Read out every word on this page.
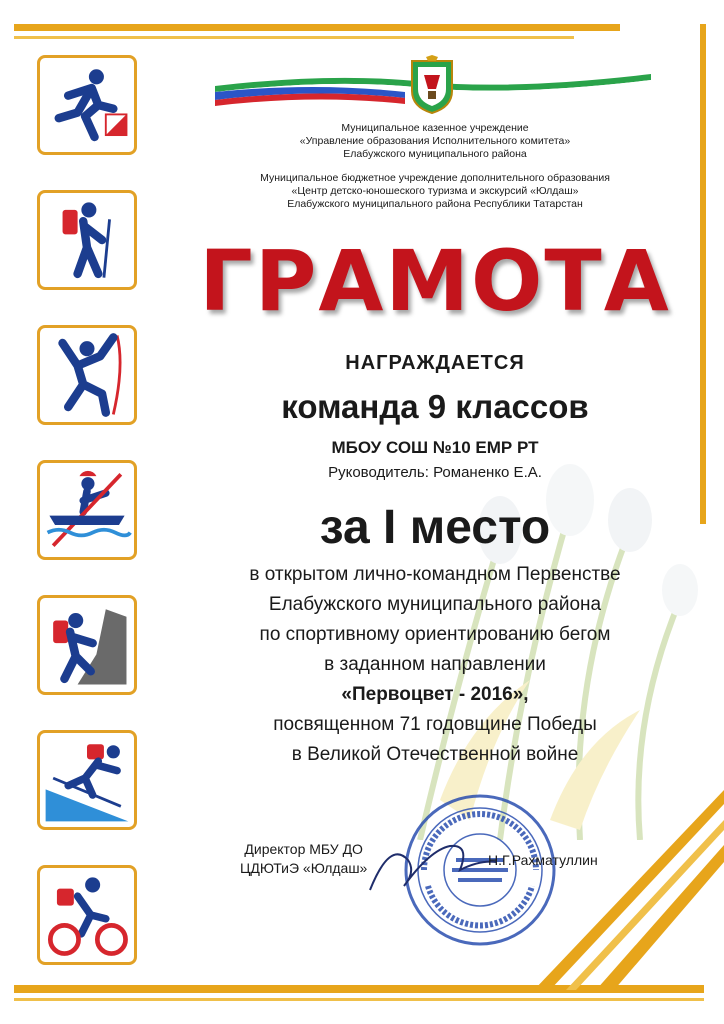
Муниципальное казенное учреждение
«Управление образования Исполнительного комитета»
Елабужского муниципального района
Муниципальное бюджетное учреждение дополнительного образования
«Центр детско-юношеского туризма и экскурсий «Юлдаш»
Елабужского муниципального района Республики Татарстан
ГРАМОТА
НАГРАЖДАЕТСЯ
команда 9 классов
МБОУ СОШ №10 ЕМР РТ
Руководитель: Романенко Е.А.
за I место
в открытом лично-командном Первенстве
Елабужского муниципального района
по спортивному ориентированию бегом
в заданном направлении
«Первоцвет - 2016»,
посвященном 71 годовщине Победы
в Великой Отечественной войне
Директор МБУ ДО
ЦДЮТиЭ «Юлдаш»	Н.Г.Рахматуллин
